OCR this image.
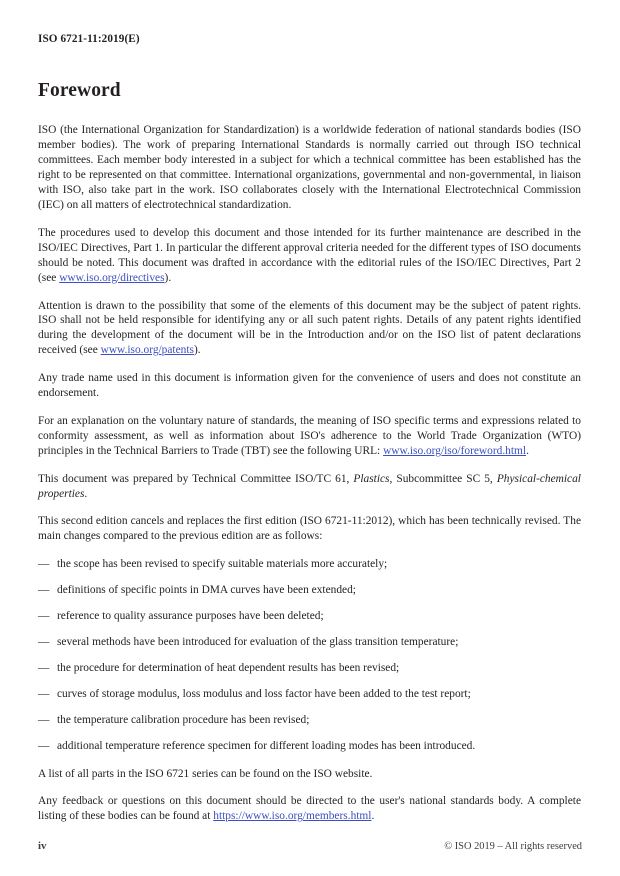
ISO 6721-11:2019(E)
Foreword

ISO (the International Organization for Standardization) is a worldwide federation of national standards bodies (ISO member bodies). The work of preparing International Standards is normally carried out through ISO technical committees. Each member body interested in a subject for which a technical committee has been established has the right to be represented on that committee. International organizations, governmental and non-governmental, in liaison with ISO, also take part in the work. ISO collaborates closely with the International Electrotechnical Commission (IEC) on all matters of electrotechnical standardization.

The procedures used to develop this document and those intended for its further maintenance are described in the ISO/IEC Directives, Part 1. In particular the different approval criteria needed for the different types of ISO documents should be noted. This document was drafted in accordance with the editorial rules of the ISO/IEC Directives, Part 2 (see www.iso.org/directives).

Attention is drawn to the possibility that some of the elements of this document may be the subject of patent rights. ISO shall not be held responsible for identifying any or all such patent rights. Details of any patent rights identified during the development of the document will be in the Introduction and/or on the ISO list of patent declarations received (see www.iso.org/patents).

Any trade name used in this document is information given for the convenience of users and does not constitute an endorsement.

For an explanation on the voluntary nature of standards, the meaning of ISO specific terms and expressions related to conformity assessment, as well as information about ISO's adherence to the World Trade Organization (WTO) principles in the Technical Barriers to Trade (TBT) see the following URL: www.iso.org/iso/foreword.html.

This document was prepared by Technical Committee ISO/TC 61, Plastics, Subcommittee SC 5, Physical-chemical properties.

This second edition cancels and replaces the first edition (ISO 6721-11:2012), which has been technically revised. The main changes compared to the previous edition are as follows:

— the scope has been revised to specify suitable materials more accurately;
— definitions of specific points in DMA curves have been extended;
— reference to quality assurance purposes have been deleted;
— several methods have been introduced for evaluation of the glass transition temperature;
— the procedure for determination of heat dependent results has been revised;
— curves of storage modulus, loss modulus and loss factor have been added to the test report;
— the temperature calibration procedure has been revised;
— additional temperature reference specimen for different loading modes has been introduced.

A list of all parts in the ISO 6721 series can be found on the ISO website.

Any feedback or questions on this document should be directed to the user's national standards body. A complete listing of these bodies can be found at https://www.iso.org/members.html.

iv	© ISO 2019 – All rights reserved
